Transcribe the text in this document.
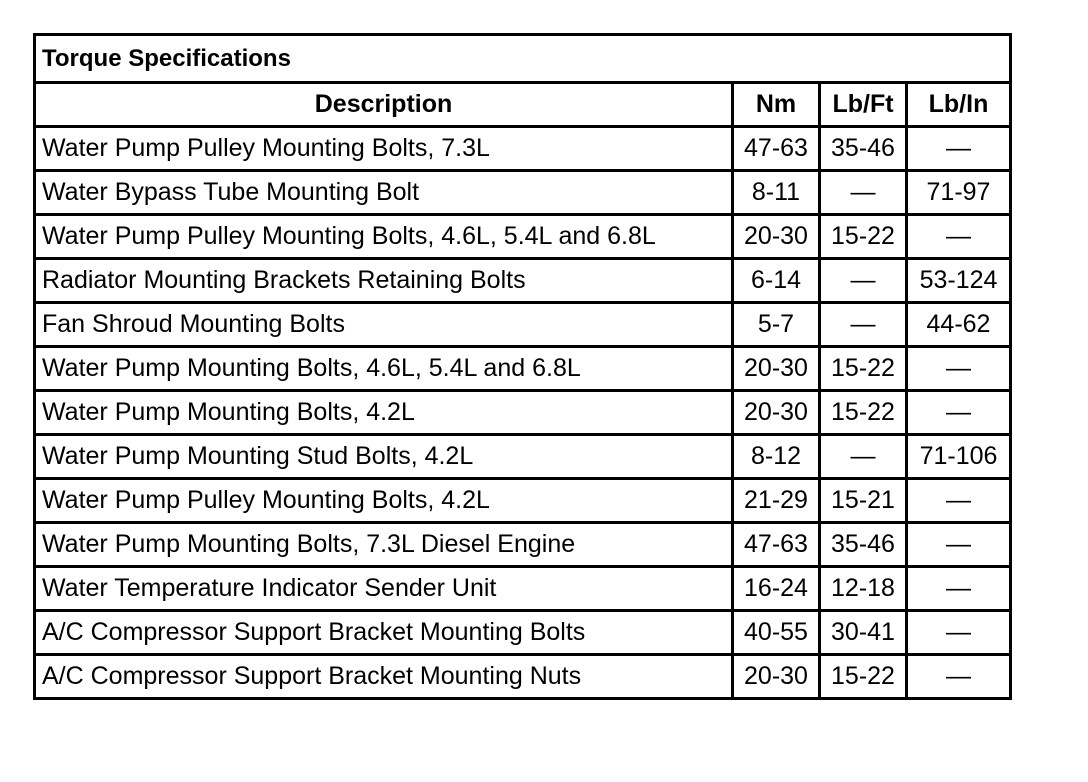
Torque Specifications			
Description	Nm	Lb/Ft	Lb/In
Water Pump Pulley Mounting Bolts, 7.3L	47-63	35-46	—
Water Bypass Tube Mounting Bolt	8-11	—	71-97
Water Pump Pulley Mounting Bolts, 4.6L, 5.4L and 6.8L	20-30	15-22	—
Radiator Mounting Brackets Retaining Bolts	6-14	—	53-124
Fan Shroud Mounting Bolts	5-7	—	44-62
Water Pump Mounting Bolts, 4.6L, 5.4L and 6.8L	20-30	15-22	—
Water Pump Mounting Bolts, 4.2L	20-30	15-22	—
Water Pump Mounting Stud Bolts, 4.2L	8-12	—	71-106
Water Pump Pulley Mounting Bolts, 4.2L	21-29	15-21	—
Water Pump Mounting Bolts, 7.3L Diesel Engine	47-63	35-46	—
Water Temperature Indicator Sender Unit	16-24	12-18	—
A/C Compressor Support Bracket Mounting Bolts	40-55	30-41	—
A/C Compressor Support Bracket Mounting Nuts	20-30	15-22	—
